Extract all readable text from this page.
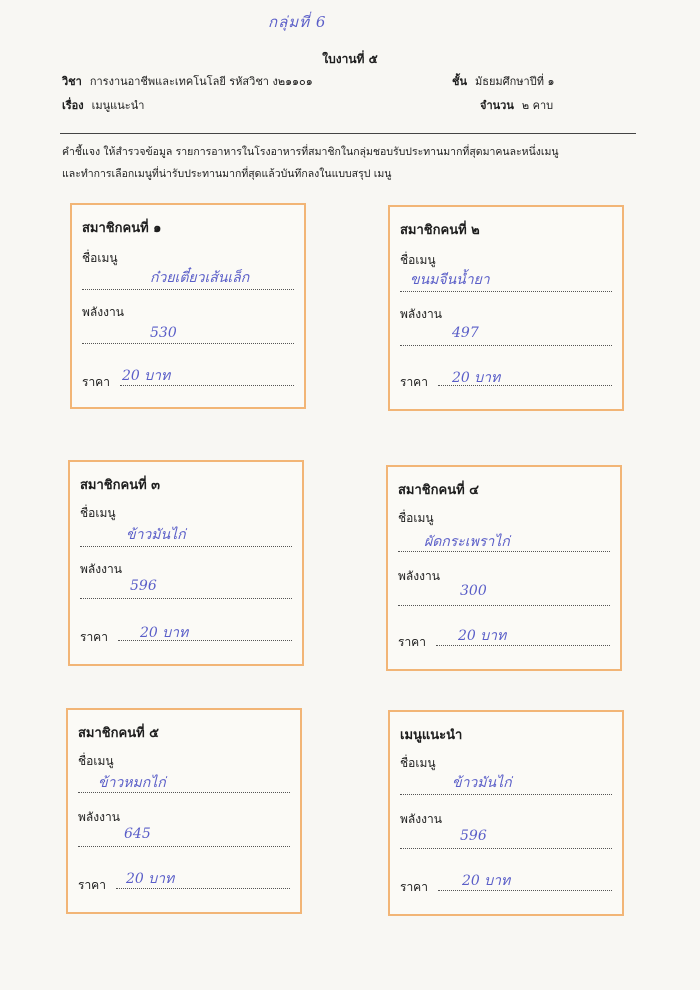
กลุ่มที่ 6
ใบงานที่ ๕
วิชา การงานอาชีพและเทคโนโลยี รหัสวิชา ง๒๑๑๐๑	ชั้น มัธยมศึกษาปีที่ ๑
เรื่อง เมนูแนะนำ	จำนวน ๒ คาบ
คำชี้แจง ให้สำรวจข้อมูล รายการอาหารในโรงอาหารที่สมาชิกในกลุ่มชอบรับประทานมากที่สุดมาคนละหนึ่งเมนู
และทำการเลือกเมนูที่น่ารับประทานมากที่สุดแล้วบันทึกลงในแบบสรุป เมนู
สมาชิกคนที่ ๑
ชื่อเมนู
ก๋วยเตี๋ยวเส้นเล็ก
พลังงาน
530
ราคา 20 บาท
สมาชิกคนที่ ๒
ชื่อเมนู
ขนมจีนน้ำยา
พลังงาน
497
ราคา 20 บาท
สมาชิกคนที่ ๓
ชื่อเมนู
ข้าวมันไก่
พลังงาน
596
ราคา 20 บาท
สมาชิกคนที่ ๔
ชื่อเมนู
ผัดกระเพราไก่
พลังงาน
300
ราคา 20 บาท
สมาชิกคนที่ ๕
ชื่อเมนู
ข้าวหมกไก่
พลังงาน
645
ราคา 20 บาท
เมนูแนะนำ
ชื่อเมนู
ข้าวมันไก่
พลังงาน
596
ราคา 20 บาท
